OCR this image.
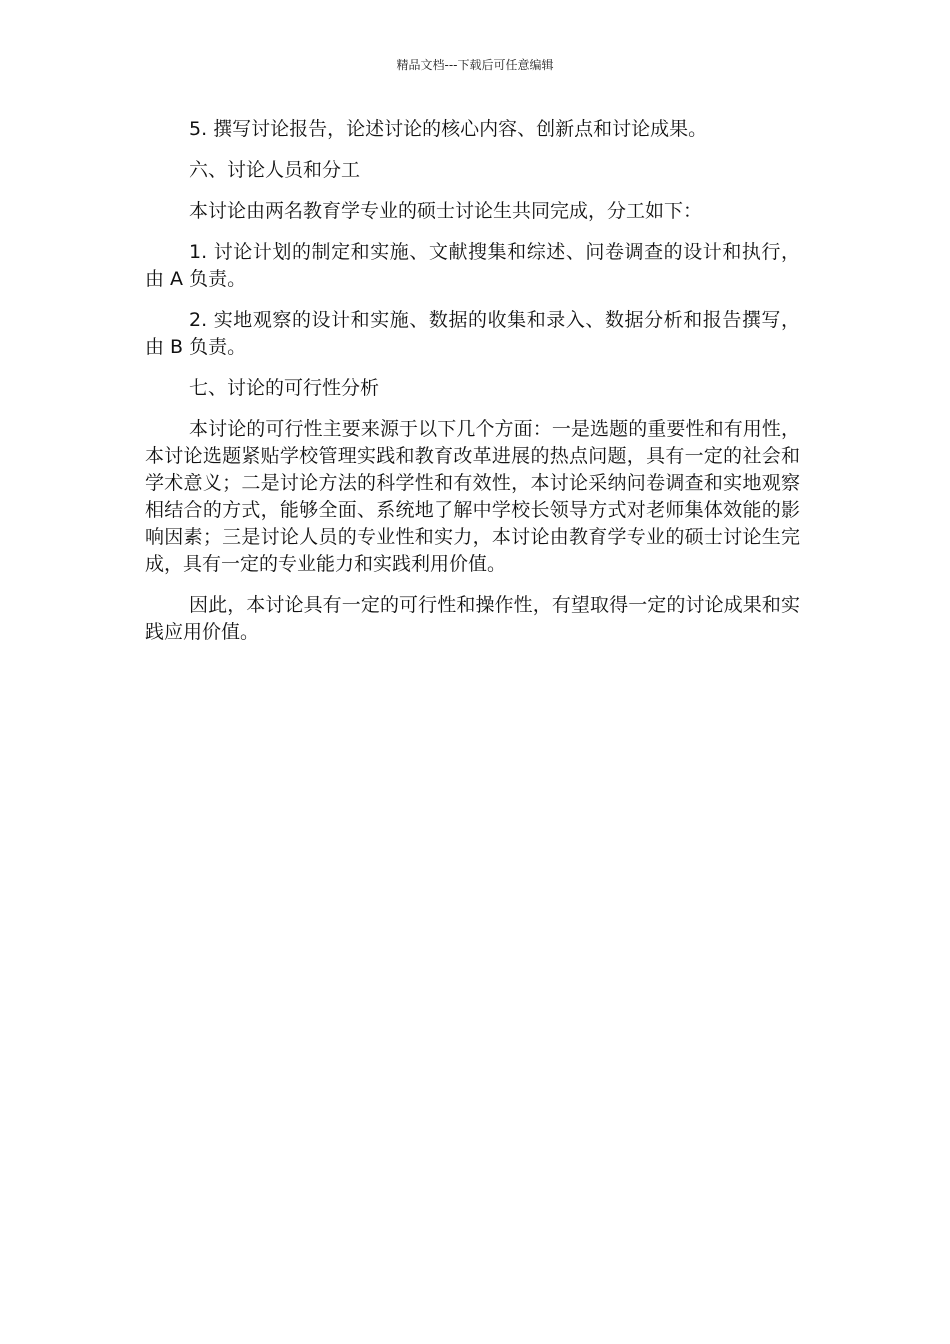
精品文档---下载后可任意编辑

5. 撰写讨论报告，论述讨论的核心内容、创新点和讨论成果。

六、讨论人员和分工

本讨论由两名教育学专业的硕士讨论生共同完成，分工如下：

1. 讨论计划的制定和实施、文献搜集和综述、问卷调查的设计和执行，由 A 负责。

2. 实地观察的设计和实施、数据的收集和录入、数据分析和报告撰写，由 B 负责。

七、讨论的可行性分析

本讨论的可行性主要来源于以下几个方面：一是选题的重要性和有用性，本讨论选题紧贴学校管理实践和教育改革进展的热点问题，具有一定的社会和学术意义；二是讨论方法的科学性和有效性，本讨论采纳问卷调查和实地观察相结合的方式，能够全面、系统地了解中学校长领导方式对老师集体效能的影响因素；三是讨论人员的专业性和实力，本讨论由教育学专业的硕士讨论生完成，具有一定的专业能力和实践利用价值。

因此，本讨论具有一定的可行性和操作性，有望取得一定的讨论成果和实践应用价值。
